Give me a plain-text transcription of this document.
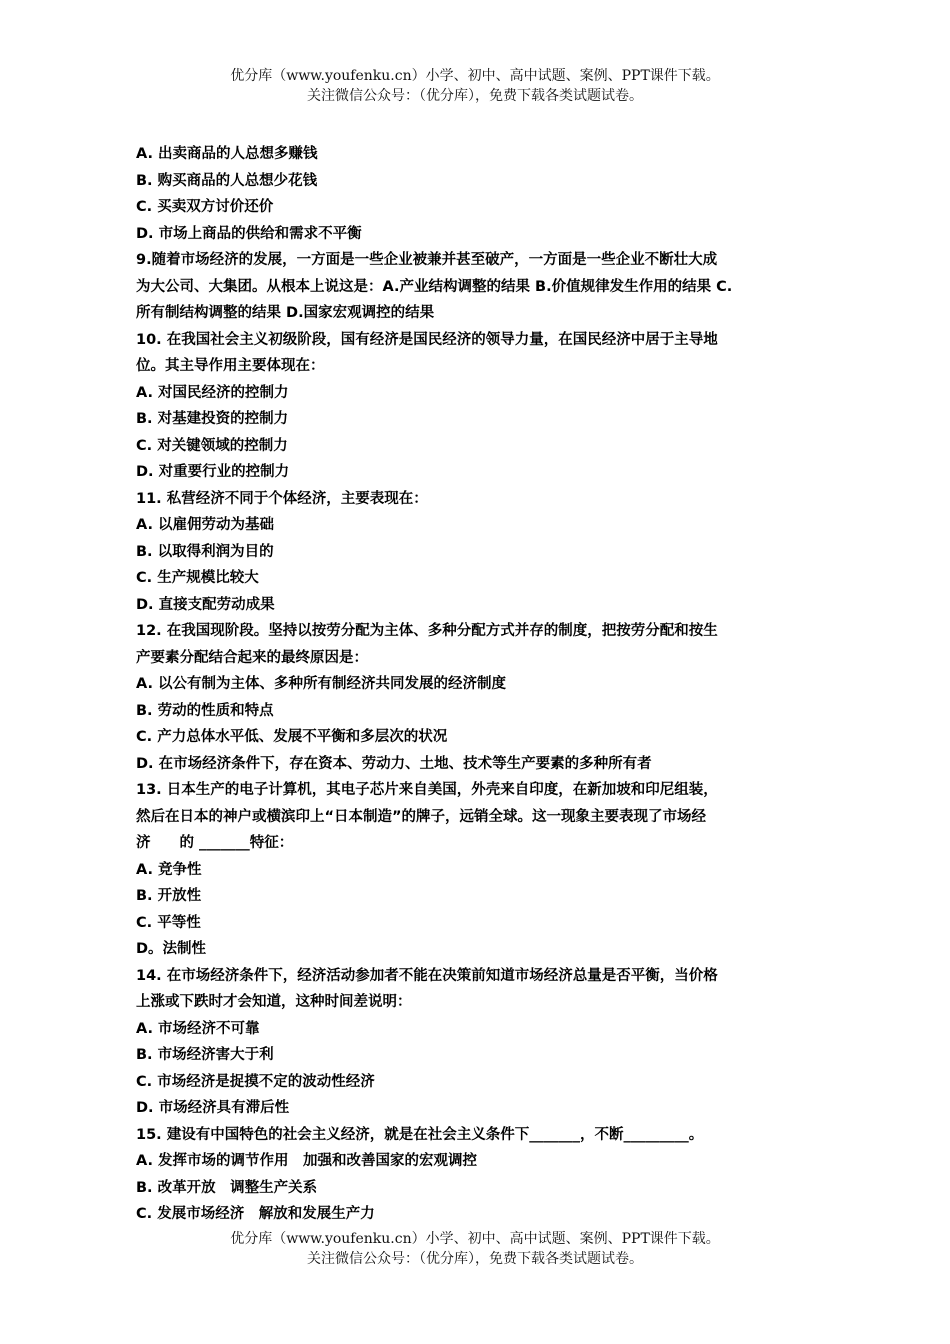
优分库（www.youfenku.cn）小学、初中、高中试题、案例、PPT课件下载。
关注微信公众号：（优分库），免费下载各类试题试卷。
A. 出卖商品的人总想多赚钱
B. 购买商品的人总想少花钱
C. 买卖双方讨价还价
D. 市场上商品的供给和需求不平衡
9.随着市场经济的发展，一方面是一些企业被兼并甚至破产，一方面是一些企业不断壮大成
为大公司、大集团。从根本上说这是：A.产业结构调整的结果 B.价值规律发生作用的结果 C.
所有制结构调整的结果 D.国家宏观调控的结果
10. 在我国社会主义初级阶段，国有经济是国民经济的领导力量，在国民经济中居于主导地
位。其主导作用主要体现在：
A. 对国民经济的控制力
B. 对基建投资的控制力
C. 对关键领域的控制力
D. 对重要行业的控制力
11. 私营经济不同于个体经济，主要表现在：
A. 以雇佣劳动为基础
B. 以取得利润为目的
C. 生产规模比较大
D. 直接支配劳动成果
12. 在我国现阶段。坚持以按劳分配为主体、多种分配方式并存的制度，把按劳分配和按生
产要素分配结合起来的最终原因是：
A. 以公有制为主体、多种所有制经济共同发展的经济制度
B. 劳动的性质和特点
C. 产力总体水平低、发展不平衡和多层次的状况
D. 在市场经济条件下，存在资本、劳动力、土地、技术等生产要素的多种所有者
13. 日本生产的电子计算机，其电子芯片来自美国，外壳来自印度，在新加坡和印尼组装，
然后在日本的神户或横滨印上“日本制造”的牌子，远销全球。这一现象主要表现了市场经
济　　的 _______特征：
A. 竞争性
B. 开放性
C. 平等性
D。法制性
14. 在市场经济条件下，经济活动参加者不能在决策前知道市场经济总量是否平衡，当价格
上涨或下跌时才会知道，这种时间差说明：
A. 市场经济不可靠
B. 市场经济害大于利
C. 市场经济是捉摸不定的波动性经济
D. 市场经济具有滞后性
15. 建设有中国特色的社会主义经济，就是在社会主义条件下_______，不断_________。
A. 发挥市场的调节作用　加强和改善国家的宏观调控
B. 改革开放　调整生产关系
C. 发展市场经济　解放和发展生产力
优分库（www.youfenku.cn）小学、初中、高中试题、案例、PPT课件下载。
关注微信公众号：（优分库），免费下载各类试题试卷。
